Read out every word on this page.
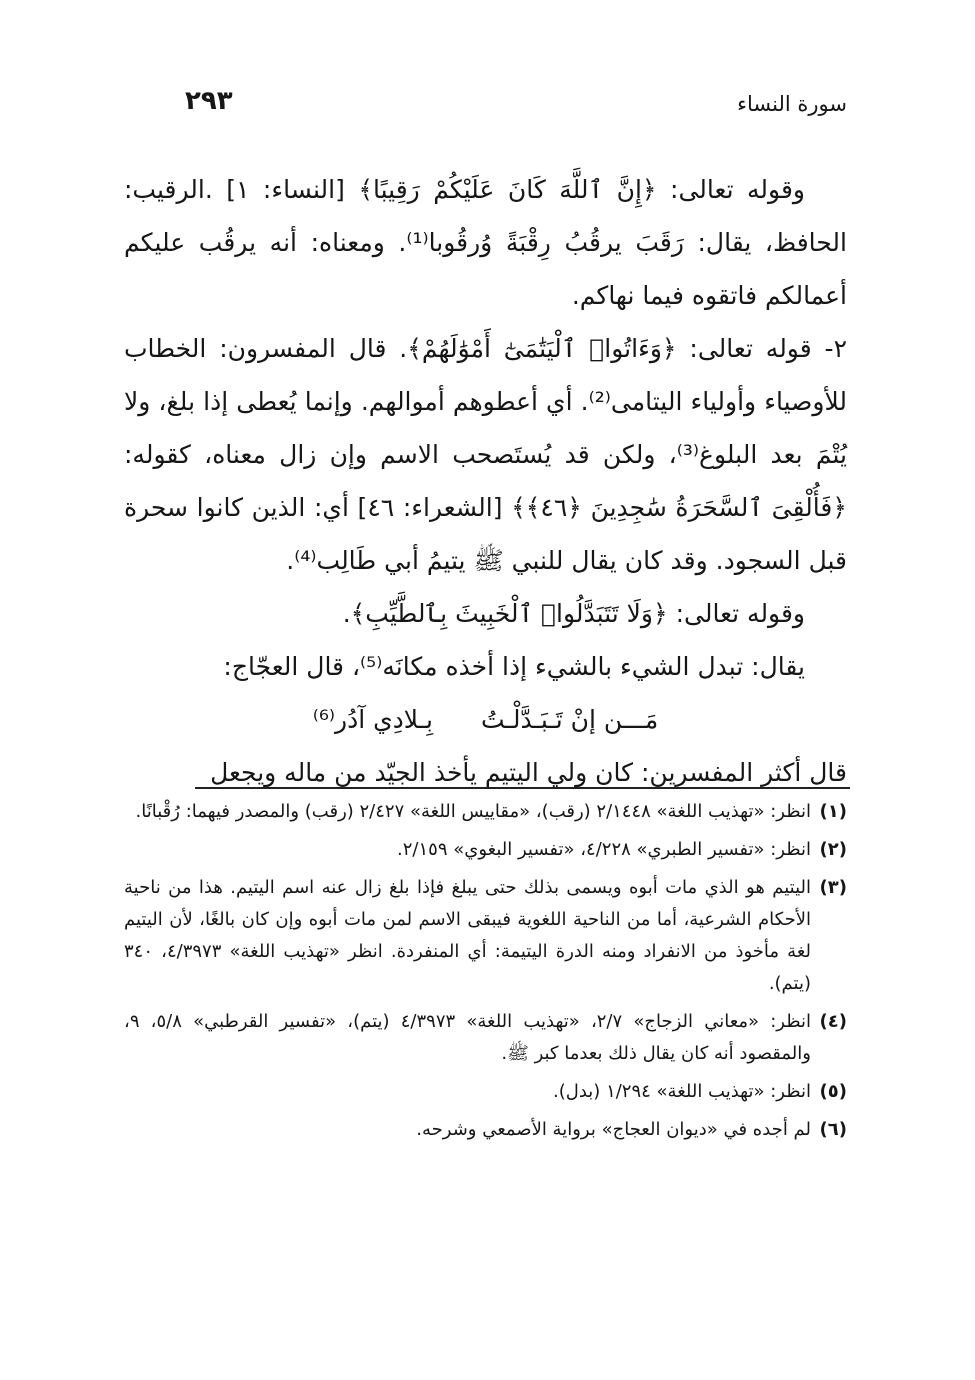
سورة النساء
٢٩٣

وقوله تعالى: ﴿إِنَّ ٱللَّهَ كَانَ عَلَيْكُمْ رَقِيبًا﴾ [النساء: ١] .الرقيب: الحافظ، يقال: رَقَبَ يرقُبُ رِقْبَةً وُرقُوبا⁽¹⁾. ومعناه: أنه يرقُب عليكم أعمالكم فاتقوه فيما نهاكم.

٢- قوله تعالى: ﴿وَءَاتُوا۟ ٱلْيَتَٰمَىٰٓ أَمْوَٰلَهُمْ﴾. قال المفسرون: الخطاب للأوصياء وأولياء اليتامى⁽²⁾. أي أعطوهم أموالهم. وإنما يُعطى إذا بلغ، ولا يُتْمَ بعد البلوغ⁽³⁾، ولكن قد يُستَصحب الاسم وإن زال معناه، كقوله: ﴿فَأُلْقِىَ ٱلسَّحَرَةُ سَٰجِدِينَ ﴿٤٦﴾﴾ [الشعراء: ٤٦] أي: الذين كانوا سحرة قبل السجود. وقد كان يقال للنبي ﷺ يتيمُ أبي طَالِب⁽⁴⁾.

وقوله تعالى: ﴿وَلَا تَتَبَدَّلُوا۟ ٱلْخَبِيثَ بِٱلطَّيِّبِ﴾.

يقال: تبدل الشيء بالشيء إذا أخذه مكانَه⁽⁵⁾، قال العجّاج:

مَـــن إنْ تَـبَـدَّلْـتُ بِـلادِي آدُر⁽⁶⁾

قال أكثر المفسرين: كان ولي اليتيم يأخذ الجيّد من ماله ويجعل

(١)
انظر: «تهذيب اللغة» ٢/١٤٤٨ (رقب)، «مقاييس اللغة» ٢/٤٢٧ (رقب) والمصدر فيهما: رُقْبانًا.
(٢)
انظر: «تفسير الطبري» ٤/٢٢٨، «تفسير البغوي» ٢/١٥٩.
(٣)
اليتيم هو الذي مات أبوه ويسمى بذلك حتى يبلغ فإذا بلغ زال عنه اسم اليتيم. هذا من ناحية الأحكام الشرعية، أما من الناحية اللغوية فيبقى الاسم لمن مات أبوه وإن كان بالغًا، لأن اليتيم لغة مأخوذ من الانفراد ومنه الدرة اليتيمة: أي المنفردة. انظر «تهذيب اللغة» ٤/٣٩٧٣، ٣٤٠ (يتم).
(٤)
انظر: «معاني الزجاج» ٢/٧، «تهذيب اللغة» ٤/٣٩٧٣ (يتم)، «تفسير القرطبي» ٥/٨، ٩، والمقصود أنه كان يقال ذلك بعدما كبر ﷺ.
(٥)
انظر: «تهذيب اللغة» ١/٢٩٤ (بدل).
(٦)
لم أجده في «ديوان العجاج» برواية الأصمعي وشرحه.
